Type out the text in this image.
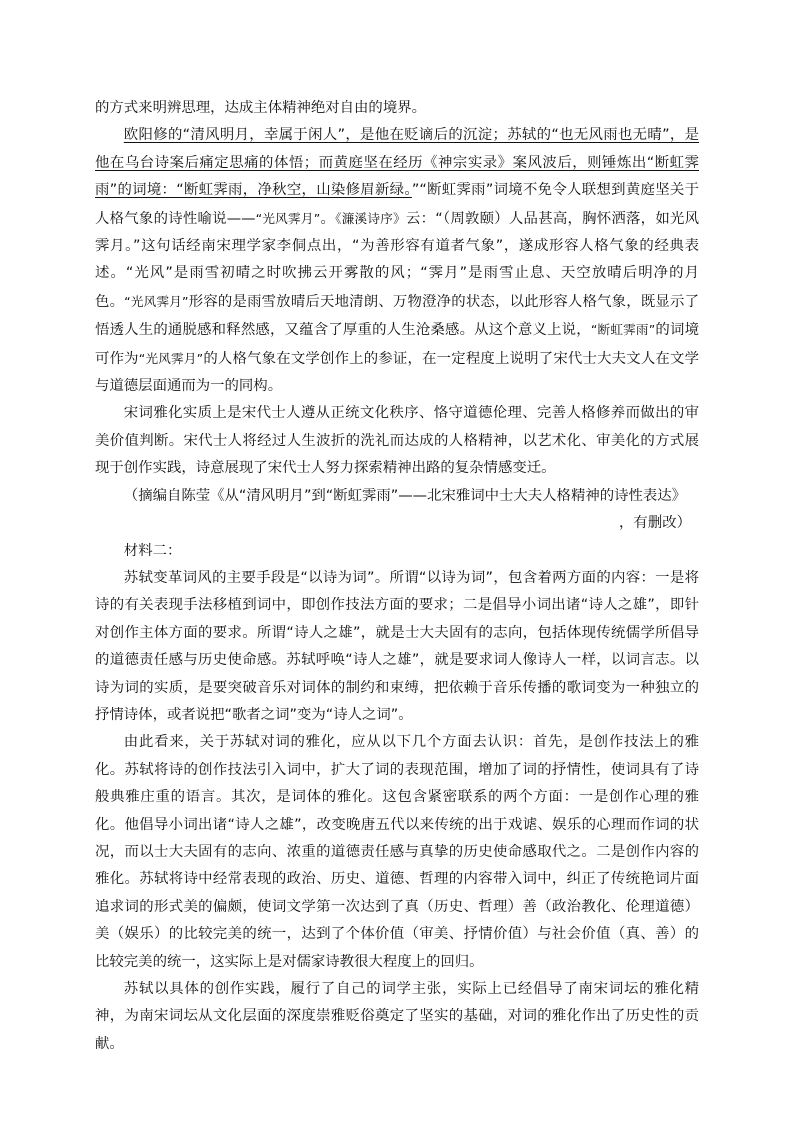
的方式来明辨思理，达成主体精神绝对自由的境界。

欧阳修的“清风明月，幸属于闲人”，是他在贬谪后的沉淀；苏轼的“也无风雨也无晴”，是他在乌台诗案后痛定思痛的体悟；而黄庭坚在经历《神宗实录》案风波后，则锤炼出“断虹霁雨”的词境：“断虹霁雨，净秋空，山染修眉新绿。”“断虹霁雨”词境不免令人联想到黄庭坚关于人格气象的诗性喻说——“光风霁月”。《濂溪诗序》云：“（周敦颐）人品甚高，胸怀洒落，如光风霁月。”这句话经南宋理学家李侗点出，“为善形容有道者气象”，遂成形容人格气象的经典表述。“光风”是雨雪初晴之时吹拂云开雾散的风；“霁月”是雨雪止息、天空放晴后明净的月色。“光风霁月”形容的是雨雪放晴后天地清朗、万物澄净的状态，以此形容人格气象，既显示了悟透人生的通脱感和释然感，又蕴含了厚重的人生沧桑感。从这个意义上说，“断虹霁雨”的词境可作为“光风霁月”的人格气象在文学创作上的参证，在一定程度上说明了宋代士大夫文人在文学与道德层面通而为一的同构。

宋词雅化实质上是宋代士人遵从正统文化秩序、恪守道德伦理、完善人格修养而做出的审美价值判断。宋代士人将经过人生波折的洗礼而达成的人格精神，以艺术化、审美化的方式展现于创作实践，诗意展现了宋代士人努力探索精神出路的复杂情感变迁。

（摘编自陈莹《从“清风明月”到“断虹霁雨”——北宋雅词中士大夫人格精神的诗性表达》

，有删改）

材料二：

苏轼变革词风的主要手段是“以诗为词”。所谓“以诗为词”，包含着两方面的内容：一是将诗的有关表现手法移植到词中，即创作技法方面的要求；二是倡导小词出诸“诗人之雄”，即针对创作主体方面的要求。所谓“诗人之雄”，就是士大夫固有的志向，包括体现传统儒学所倡导的道德责任感与历史使命感。苏轼呼唤“诗人之雄”，就是要求词人像诗人一样，以词言志。以诗为词的实质，是要突破音乐对词体的制约和束缚，把依赖于音乐传播的歌词变为一种独立的抒情诗体，或者说把“歌者之词”变为“诗人之词”。

由此看来，关于苏轼对词的雅化，应从以下几个方面去认识：首先，是创作技法上的雅化。苏轼将诗的创作技法引入词中，扩大了词的表现范围，增加了词的抒情性，使词具有了诗般典雅庄重的语言。其次，是词体的雅化。这包含紧密联系的两个方面：一是创作心理的雅化。他倡导小词出诸“诗人之雄”，改变晚唐五代以来传统的出于戏谑、娱乐的心理而作词的状况，而以士大夫固有的志向、浓重的道德责任感与真挚的历史使命感取代之。二是创作内容的雅化。苏轼将诗中经常表现的政治、历史、道德、哲理的内容带入词中，纠正了传统艳词片面追求词的形式美的偏颇，使词文学第一次达到了真（历史、哲理）善（政治教化、伦理道德）美（娱乐）的比较完美的统一，达到了个体价值（审美、抒情价值）与社会价值（真、善）的比较完美的统一，这实际上是对儒家诗教很大程度上的回归。

苏轼以具体的创作实践，履行了自己的词学主张，实际上已经倡导了南宋词坛的雅化精神，为南宋词坛从文化层面的深度崇雅贬俗奠定了坚实的基础，对词的雅化作出了历史性的贡献。
